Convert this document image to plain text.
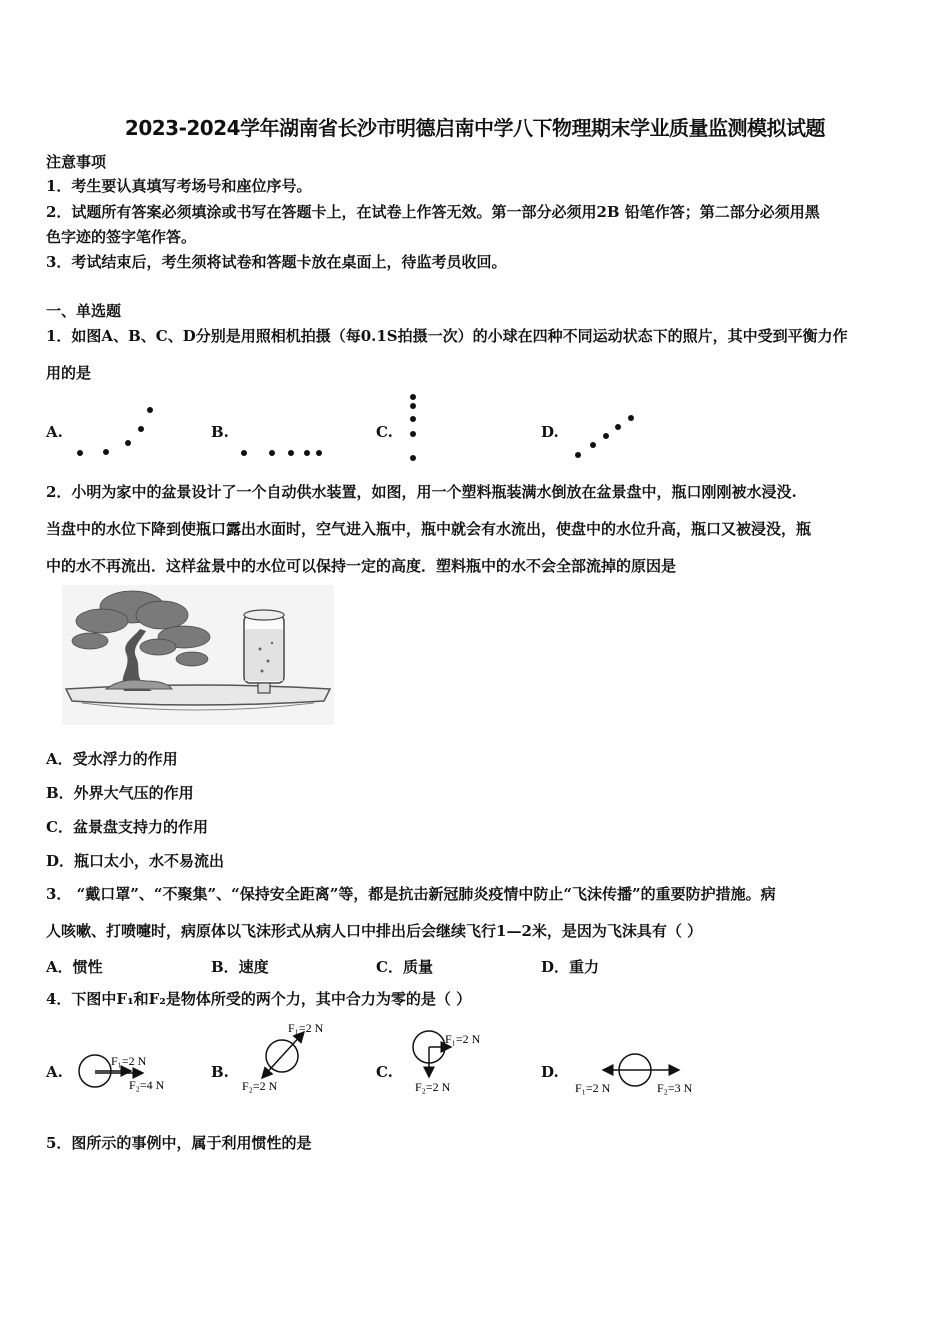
2023-2024学年湖南省长沙市明德启南中学八下物理期末学业质量监测模拟试题
注意事项
1．考生要认真填写考场号和座位序号。
2．试题所有答案必须填涂或书写在答题卡上，在试卷上作答无效。第一部分必须用2B 铅笔作答；第二部分必须用黑
色字迹的签字笔作答。
3．考试结束后，考生须将试卷和答题卡放在桌面上，待监考员收回。
一、单选题
1．如图A、B、C、D分别是用照相机拍摄（每0.1S拍摄一次）的小球在四种不同运动状态下的照片，其中受到平衡力作
用的是
A.	B.	C.	D.
2．小明为家中的盆景设计了一个自动供水装置，如图，用一个塑料瓶装满水倒放在盆景盘中，瓶口刚刚被水浸没.
当盘中的水位下降到使瓶口露出水面时，空气进入瓶中，瓶中就会有水流出，使盘中的水位升高，瓶口又被浸没，瓶
中的水不再流出．这样盆景中的水位可以保持一定的高度．塑料瓶中的水不会全部流掉的原因是
A．受水浮力的作用
B．外界大气压的作用
C．盆景盘支持力的作用
D．瓶口太小，水不易流出
3． “戴口罩”、“不聚集”、“保持安全距离”等，都是抗击新冠肺炎疫情中防止“飞沫传播”的重要防护措施。病
人咳嗽、打喷嚏时，病原体以飞沫形式从病人口中排出后会继续飞行1—2米，是因为飞沫具有（ ）
A．惯性	B．速度	C．质量	D．重力
4．下图中F₁和F₂是物体所受的两个力，其中合力为零的是（ ）
A.	B.	C.	D.
F₁=2 N
F₂=4 N
F₁=2 N
F₂=2 N
F₁=2 N
F₂=2 N	F₁=2 N	F₂=3 N
5．图所示的事例中，属于利用惯性的是
